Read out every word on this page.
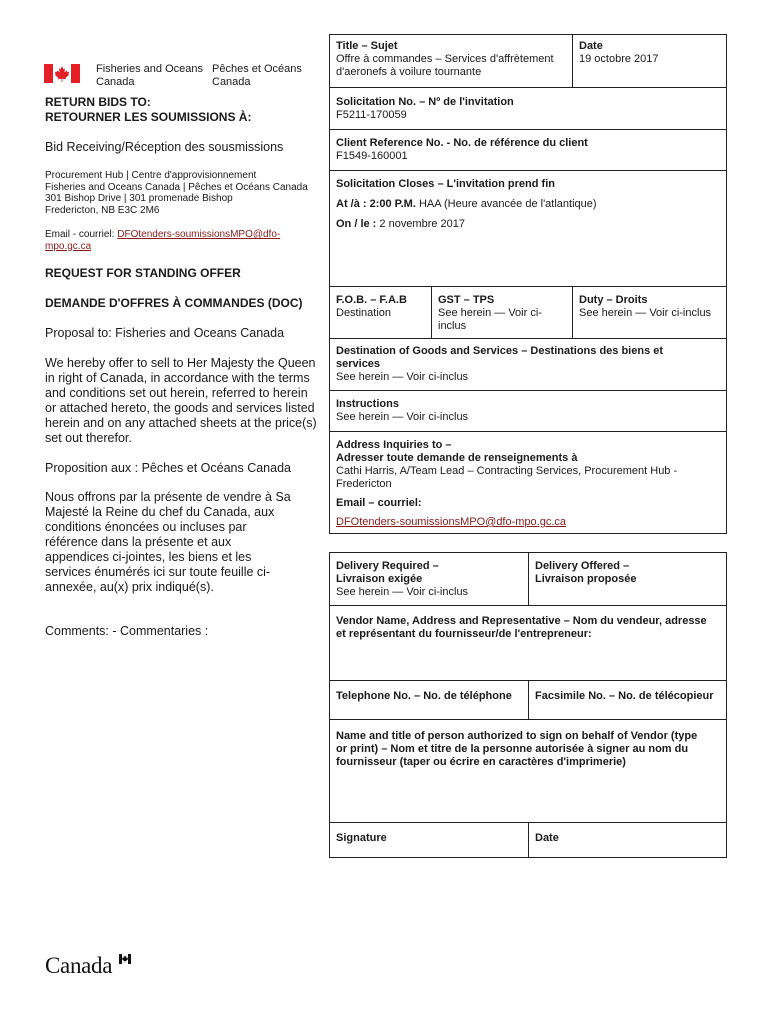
Fisheries and Oceans
Canada
Pêches et Océans
Canada
RETURN BIDS TO:
RETOURNER LES SOUMISSIONS À:
Bid Receiving/Réception des sousmissions
Procurement Hub | Centre d'approvisionnement
Fisheries and Oceans Canada | Pêches et Océans Canada
301 Bishop Drive | 301 promenade Bishop
Fredericton, NB E3C 2M6
Email - courriel: DFOtenders-soumissionsMPO@dfo-
mpo.gc.ca
REQUEST FOR STANDING OFFER
DEMANDE D'OFFRES À COMMANDES (DOC)
Proposal to: Fisheries and Oceans Canada
We hereby offer to sell to Her Majesty the Queen
in right of Canada, in accordance with the terms
and conditions set out herein, referred to herein
or attached hereto, the goods and services listed
herein and on any attached sheets at the price(s)
set out therefor.
Proposition aux : Pêches et Océans Canada
Nous offrons par la présente de vendre à Sa
Majesté la Reine du chef du Canada, aux
conditions énoncées ou incluses par
référence dans la présente et aux
appendices ci-jointes, les biens et les
services énumérés ici sur toute feuille ci-
annexée, au(x) prix indiqué(s).
Comments: - Commentaries :
Title – Sujet
Offre à commandes – Services d'affrètement
d'aeronefs à voilure tournante
Date
19 octobre 2017
Solicitation No. – Nº de l'invitation
F5211-170059
Client Reference No. - No. de référence du client
F1549-160001
Solicitation Closes – L'invitation prend fin
At /à : 2:00 P.M. HAA (Heure avancée de l'atlantique)
On / le : 2 novembre 2017
F.O.B. – F.A.B
Destination
GST – TPS
See herein — Voir ci-
inclus
Duty – Droits
See herein — Voir ci-inclus
Destination of Goods and Services – Destinations des biens et
services
See herein — Voir ci-inclus
Instructions
See herein — Voir ci-inclus
Address Inquiries to –
Adresser toute demande de renseignements à
Cathi Harris, A/Team Lead – Contracting Services, Procurement Hub -
Fredericton
Email – courriel:
DFOtenders-soumissionsMPO@dfo-mpo.gc.ca
Delivery Required –
Livraison exigée
See herein — Voir ci-inclus
Delivery Offered –
Livraison proposée
Vendor Name, Address and Representative – Nom du vendeur, adresse
et représentant du fournisseur/de l'entrepreneur:
Telephone No. – No. de téléphone	Facsimile No. – No. de télécopieur
Name and title of person authorized to sign on behalf of Vendor (type
or print) – Nom et titre de la personne autorisée à signer au nom du
fournisseur (taper ou écrire en caractères d'imprimerie)
Signature	Date
Canada
